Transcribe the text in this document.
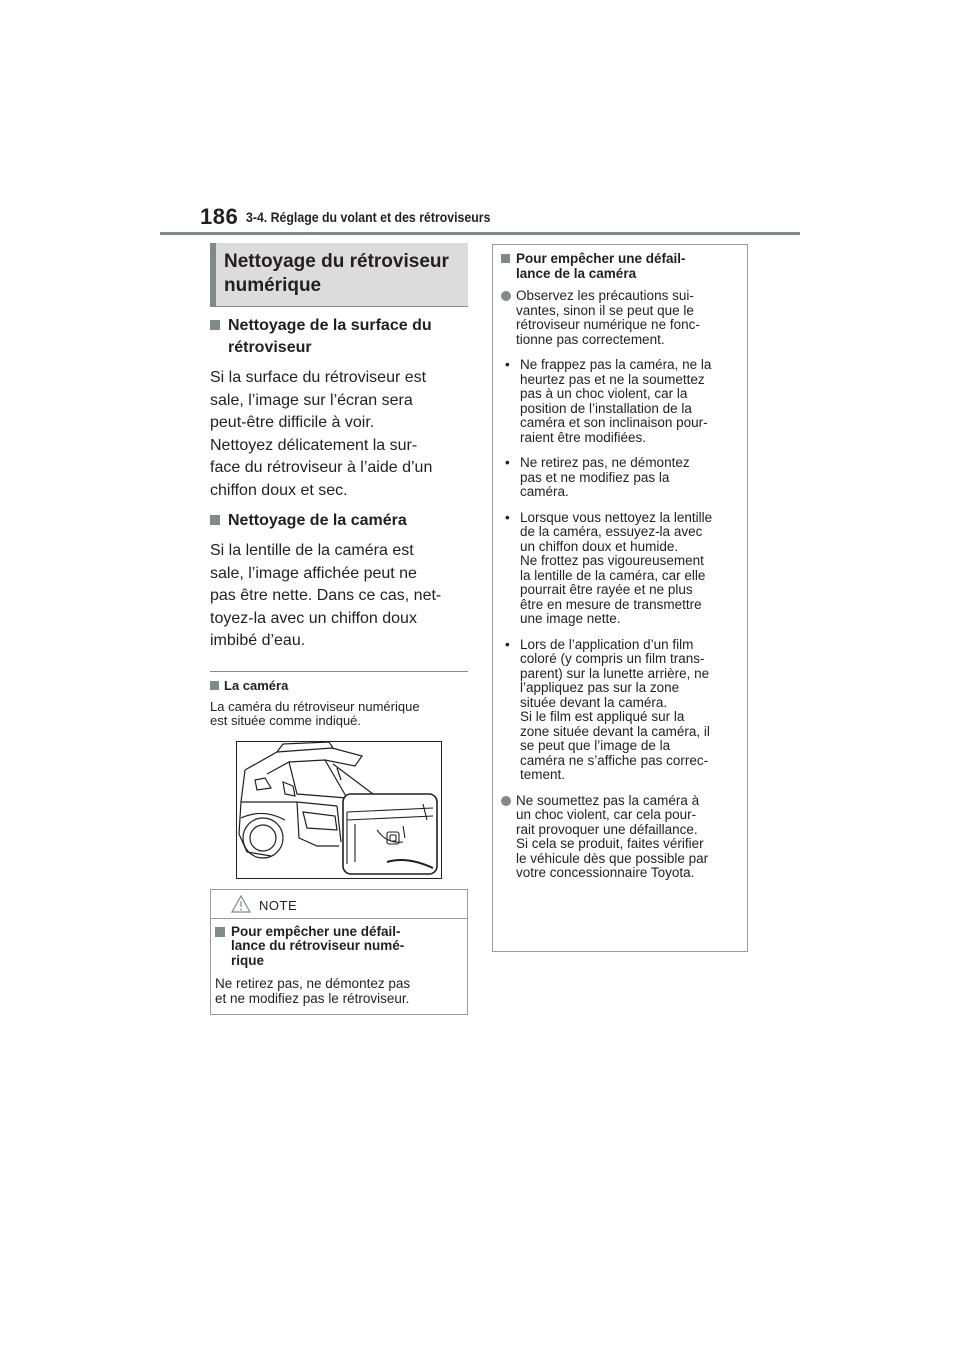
186 3-4. Réglage du volant et des rétroviseurs
Nettoyage du rétroviseur
numérique
Nettoyage de la surface du
rétroviseur
Si la surface du rétroviseur est
sale, l’image sur l’écran sera
peut-être difficile à voir.
Nettoyez délicatement la sur-
face du rétroviseur à l’aide d’un
chiffon doux et sec.
Nettoyage de la caméra
Si la lentille de la caméra est
sale, l’image affichée peut ne
pas être nette. Dans ce cas, net-
toyez-la avec un chiffon doux
imbibé d’eau.
La caméra
La caméra du rétroviseur numérique
est située comme indiqué.
NOTE
Pour empêcher une défail-
lance du rétroviseur numé-
rique
Ne retirez pas, ne démontez pas
et ne modifiez pas le rétroviseur.
Pour empêcher une défail-
lance de la caméra
Observez les précautions sui-
vantes, sinon il se peut que le
rétroviseur numérique ne fonc-
tionne pas correctement.
• Ne frappez pas la caméra, ne la
heurtez pas et ne la soumettez
pas à un choc violent, car la
position de l’installation de la
caméra et son inclinaison pour-
raient être modifiées.
• Ne retirez pas, ne démontez
pas et ne modifiez pas la
caméra.
• Lorsque vous nettoyez la lentille
de la caméra, essuyez-la avec
un chiffon doux et humide.
Ne frottez pas vigoureusement
la lentille de la caméra, car elle
pourrait être rayée et ne plus
être en mesure de transmettre
une image nette.
• Lors de l’application d’un film
coloré (y compris un film trans-
parent) sur la lunette arrière, ne
l’appliquez pas sur la zone
située devant la caméra.
Si le film est appliqué sur la
zone située devant la caméra, il
se peut que l’image de la
caméra ne s’affiche pas correc-
tement.
Ne soumettez pas la caméra à
un choc violent, car cela pour-
rait provoquer une défaillance.
Si cela se produit, faites vérifier
le véhicule dès que possible par
votre concessionnaire Toyota.
